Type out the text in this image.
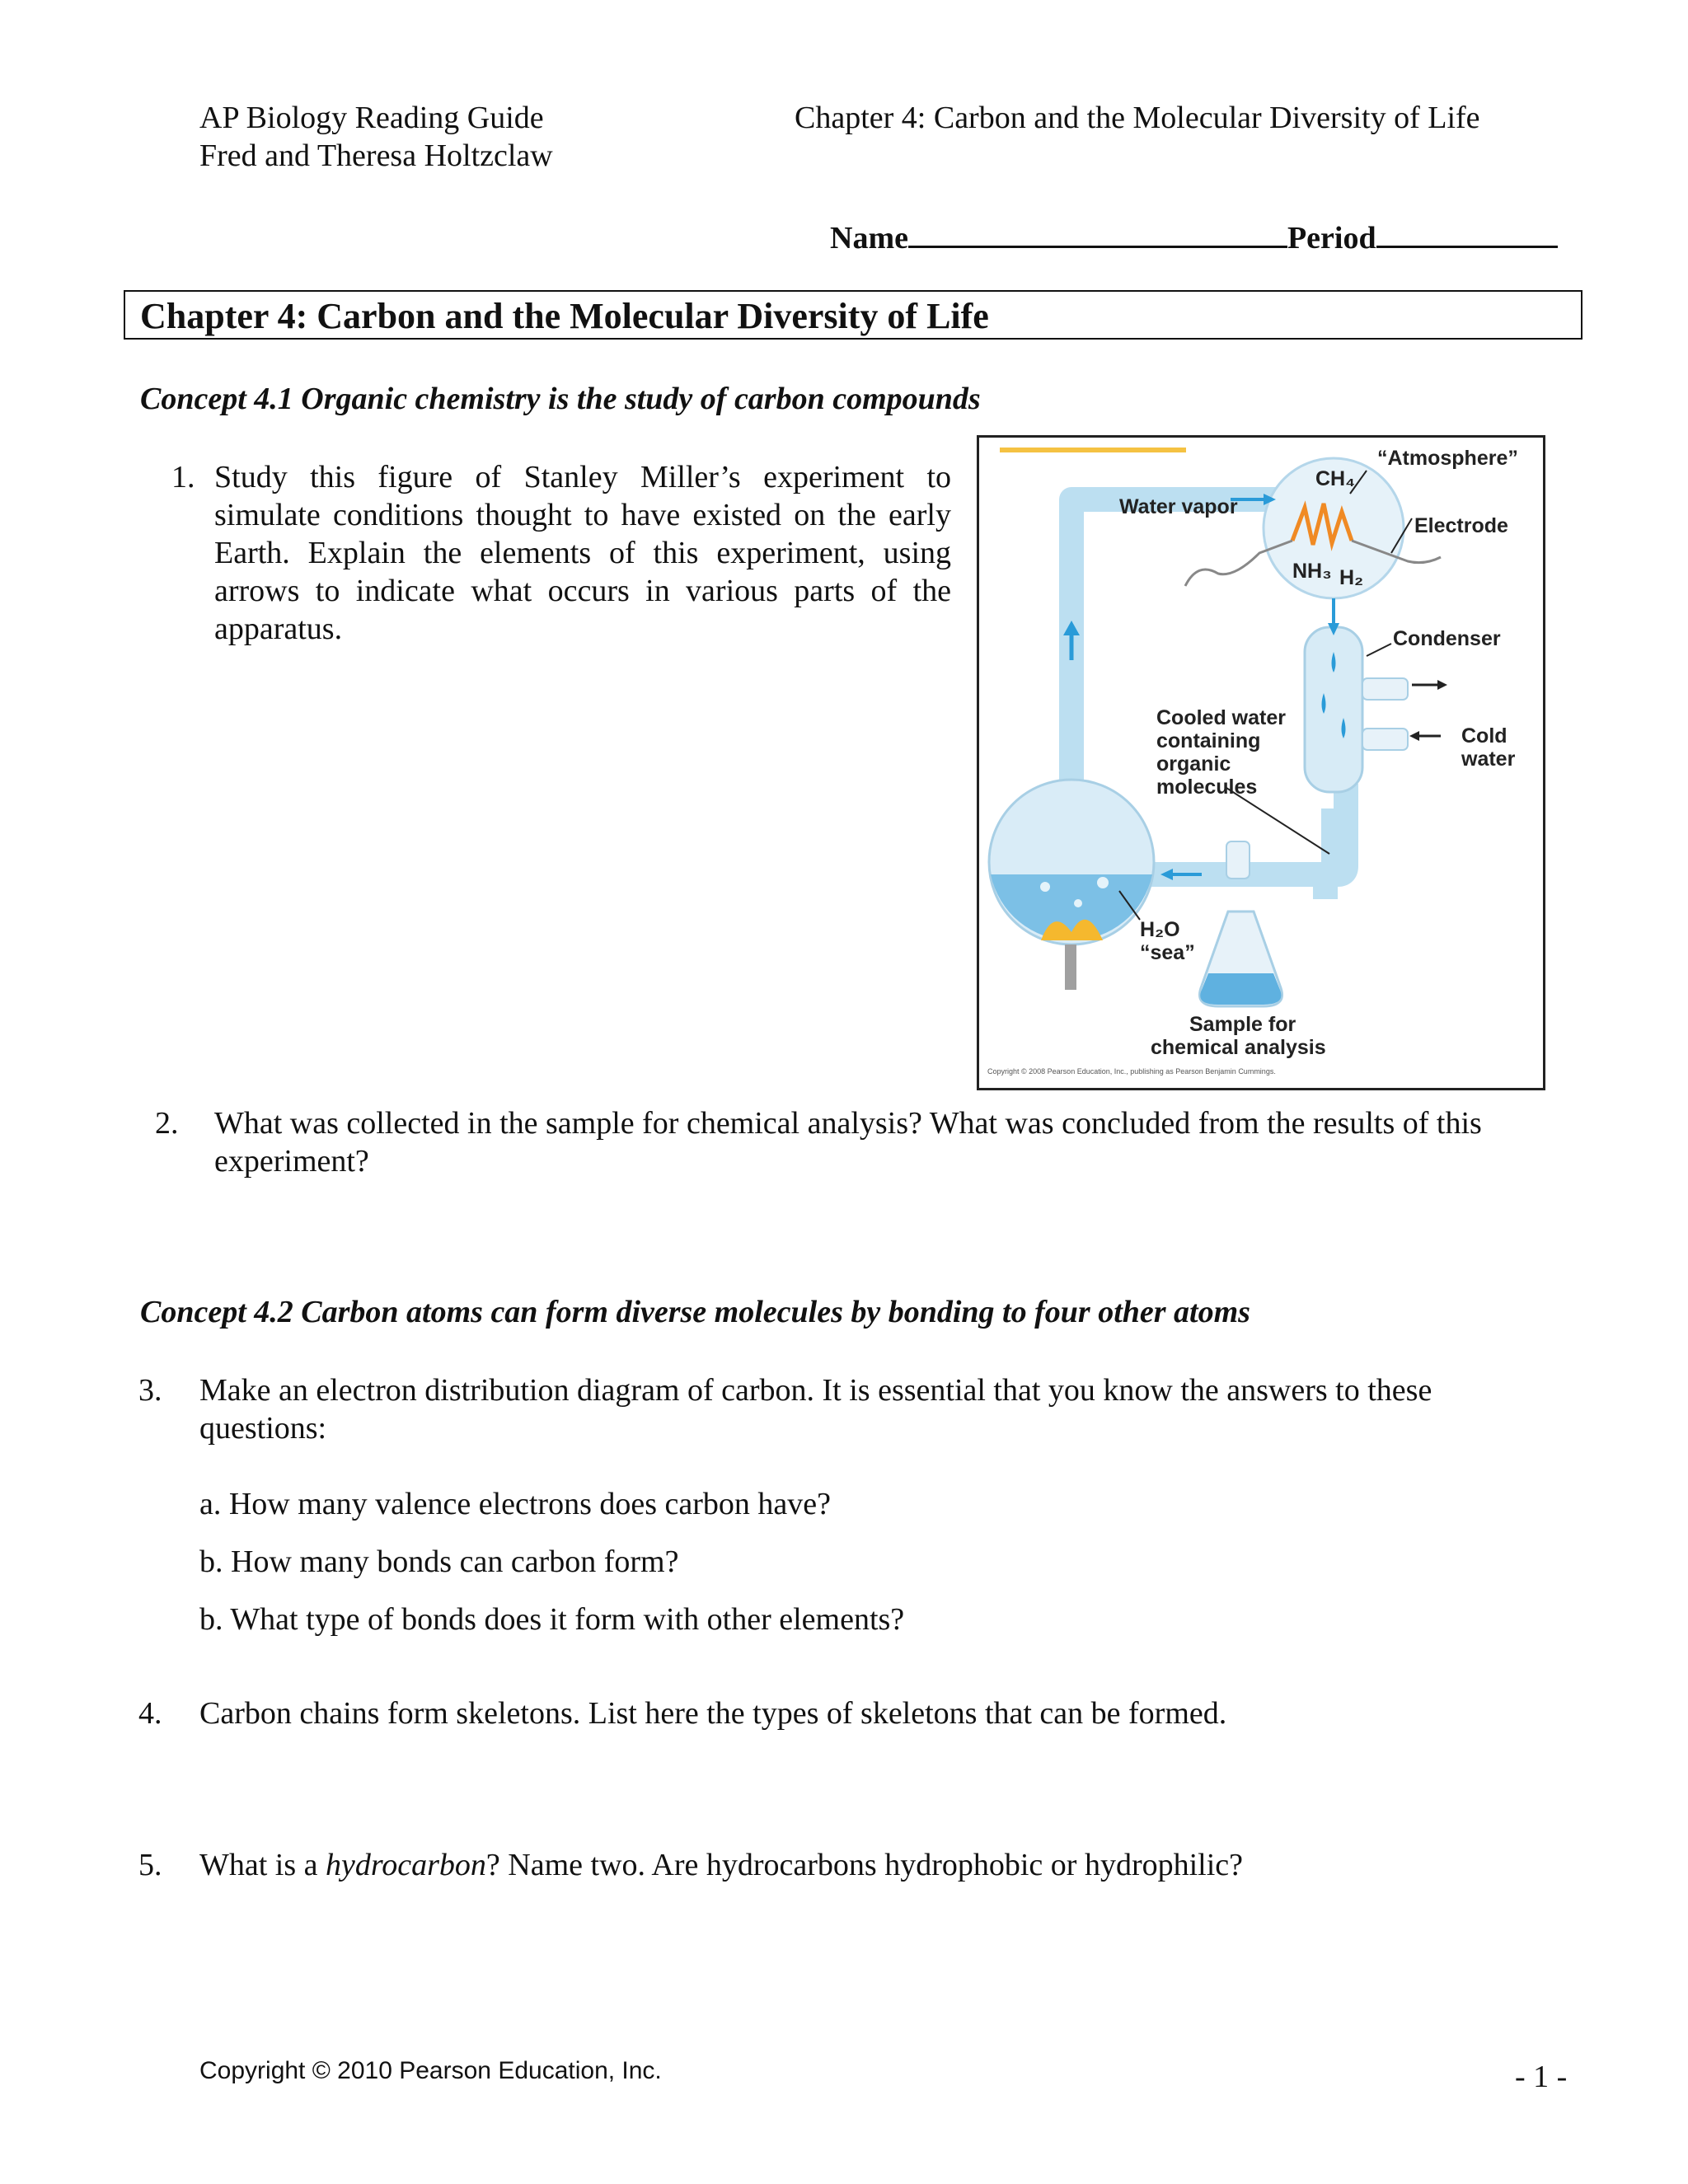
AP Biology Reading Guide
Fred and Theresa Holtzclaw
Chapter 4: Carbon and the Molecular Diversity of Life
Name	Period
Chapter 4: Carbon and the Molecular Diversity of Life
Concept 4.1 Organic chemistry is the study of carbon compounds
1. Study this figure of Stanley Miller’s experiment to simulate conditions thought to have existed on the early Earth. Explain the elements of this experiment, using arrows to indicate what occurs in various parts of the apparatus.
“Atmosphere”
CH₄
Water vapor
Electrode
NH₃ H₂
Condenser
Cooled water
containing
organic
molecules
Cold
water
H₂O
“sea”
Sample for
chemical analysis
Copyright © 2008 Pearson Education, Inc., publishing as Pearson Benjamin Cummings.
2. What was collected in the sample for chemical analysis? What was concluded from the results of this experiment?
Concept 4.2 Carbon atoms can form diverse molecules by bonding to four other atoms
3. Make an electron distribution diagram of carbon. It is essential that you know the answers to these questions:
a. How many valence electrons does carbon have?
b. How many bonds can carbon form?
b. What type of bonds does it form with other elements?
4. Carbon chains form skeletons. List here the types of skeletons that can be formed.
5. What is a hydrocarbon? Name two. Are hydrocarbons hydrophobic or hydrophilic?
Copyright © 2010 Pearson Education, Inc.	- 1 -
